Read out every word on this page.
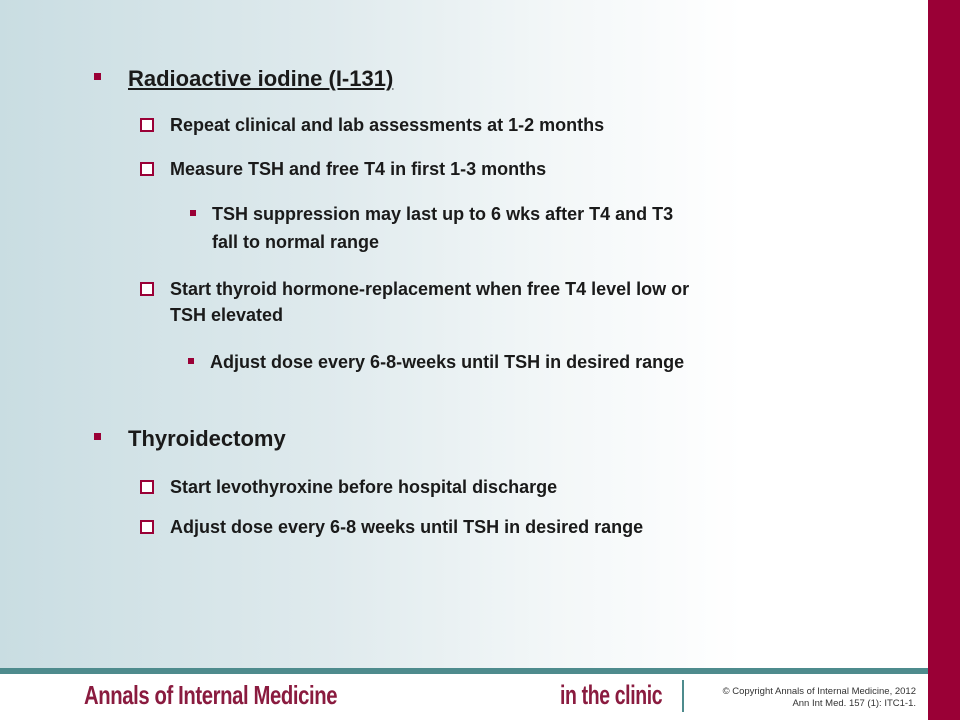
Radioactive iodine (I-131)
Repeat clinical and lab assessments at 1-2 months
Measure TSH and free T4 in first 1-3 months
TSH suppression may last up to 6 wks after T4 and T3
fall to normal range
Start thyroid hormone-replacement when free T4 level low or
TSH elevated
Adjust dose every 6-8-weeks until TSH in desired range
Thyroidectomy
Start levothyroxine before hospital discharge
Adjust dose every 6-8 weeks until TSH in desired range
Annals of Internal Medicine	in the clinic	© Copyright Annals of Internal Medicine, 2012
Ann Int Med. 157 (1): ITC1-1.
